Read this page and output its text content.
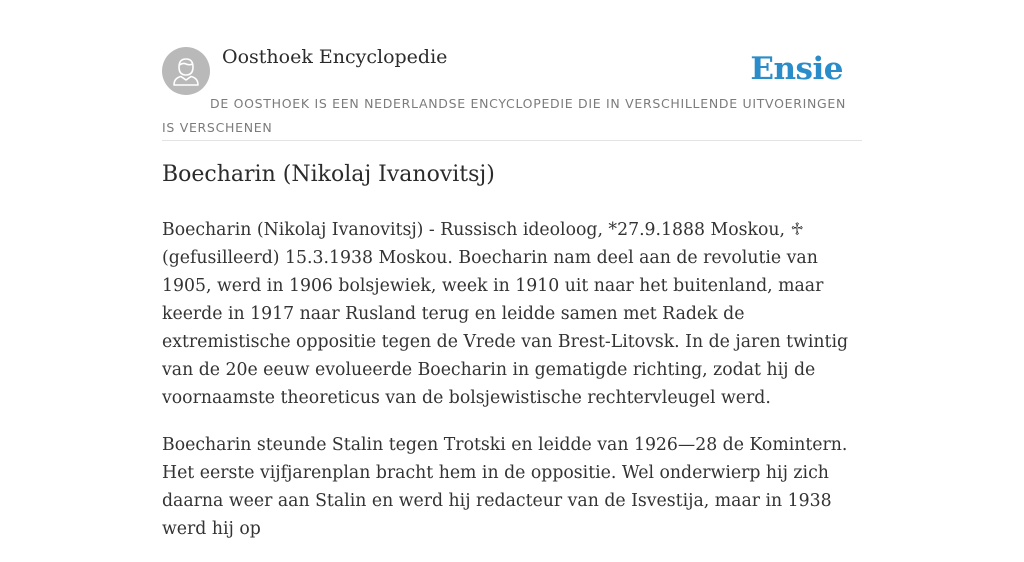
Oosthoek Encyclopedie	Ensie
DE OOSTHOEK IS EEN NEDERLANDSE ENCYCLOPEDIE DIE IN VERSCHILLENDE UITVOERINGEN IS VERSCHENEN
Boecharin (Nikolaj Ivanovitsj)

Boecharin (Nikolaj Ivanovitsj) - Russisch ideoloog, *27.9.1888 Moskou, ♱ (gefusilleerd) 15.3.1938 Moskou. Boecharin nam deel aan de revolutie van 1905, werd in 1906 bolsjewiek, week in 1910 uit naar het buitenland, maar keerde in 1917 naar Rusland terug en leidde samen met Radek de extremistische oppositie tegen de Vrede van Brest-Litovsk. In de jaren twintig van de 20e eeuw evolueerde Boecharin in gematigde richting, zodat hij de voornaamste theoreticus van de bolsjewistische rechtervleugel werd.

Boecharin steunde Stalin tegen Trotski en leidde van 1926—28 de Komintern. Het eerste vijfjarenplan bracht hem in de oppositie. Wel onderwierp hij zich daarna weer aan Stalin en werd hij redacteur van de Isvestija, maar in 1938 werd hij op
